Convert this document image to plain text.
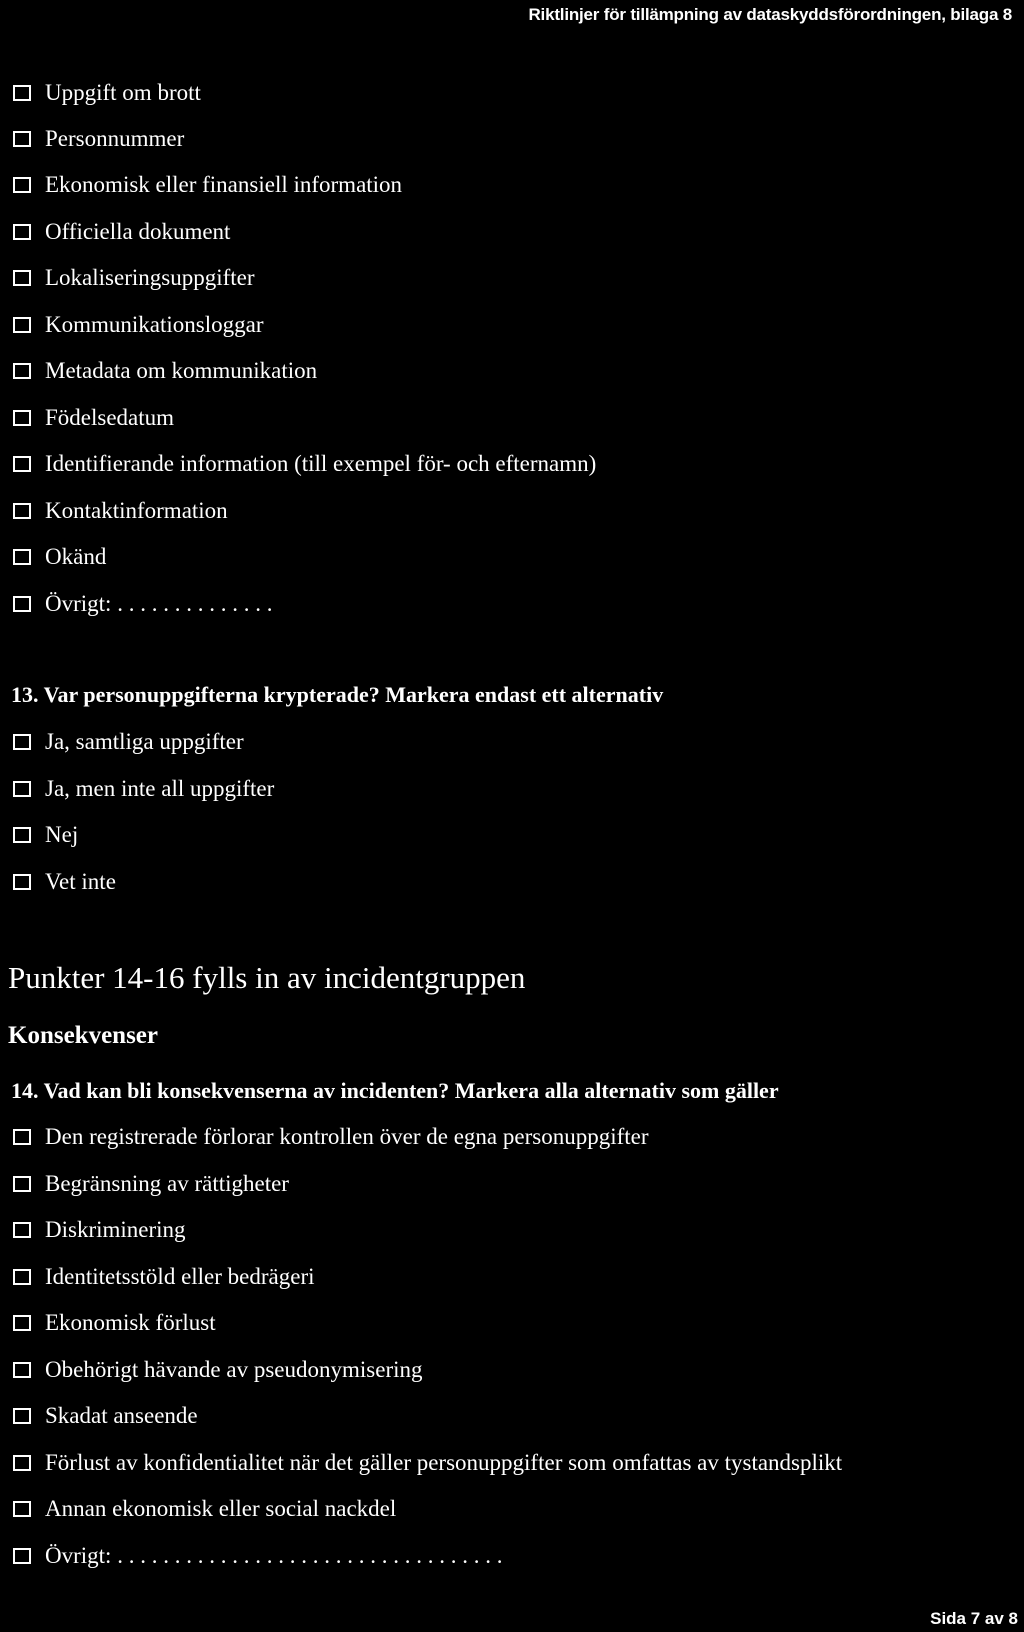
Riktlinjer för tillämpning av dataskyddsförordningen, bilaga 8
Uppgift om brott
Personnummer
Ekonomisk eller finansiell information
Officiella dokument
Lokaliseringsuppgifter
Kommunikationsloggar
Metadata om kommunikation
Födelsedatum
Identifierande information (till exempel för- och efternamn)
Kontaktinformation
Okänd
Övrigt: . . . . . . . . . . . . . .
13. Var personuppgifterna krypterade? Markera endast ett alternativ
Ja, samtliga uppgifter
Ja, men inte all uppgifter
Nej
Vet inte
Punkter 14-16 fylls in av incidentgruppen
Konsekvenser
14. Vad kan bli konsekvenserna av incidenten? Markera alla alternativ som gäller
Den registrerade förlorar kontrollen över de egna personuppgifter
Begränsning av rättigheter
Diskriminering
Identitetsstöld eller bedrägeri
Ekonomisk förlust
Obehörigt hävande av pseudonymisering
Skadat anseende
Förlust av konfidentialitet när det gäller personuppgifter som omfattas av tystandsplikt
Annan ekonomisk eller social nackdel
Övrigt: . . . . . . . . . . . . . . . . . . . . . . . . . . . . . . . . . .
Sida 7 av 8
